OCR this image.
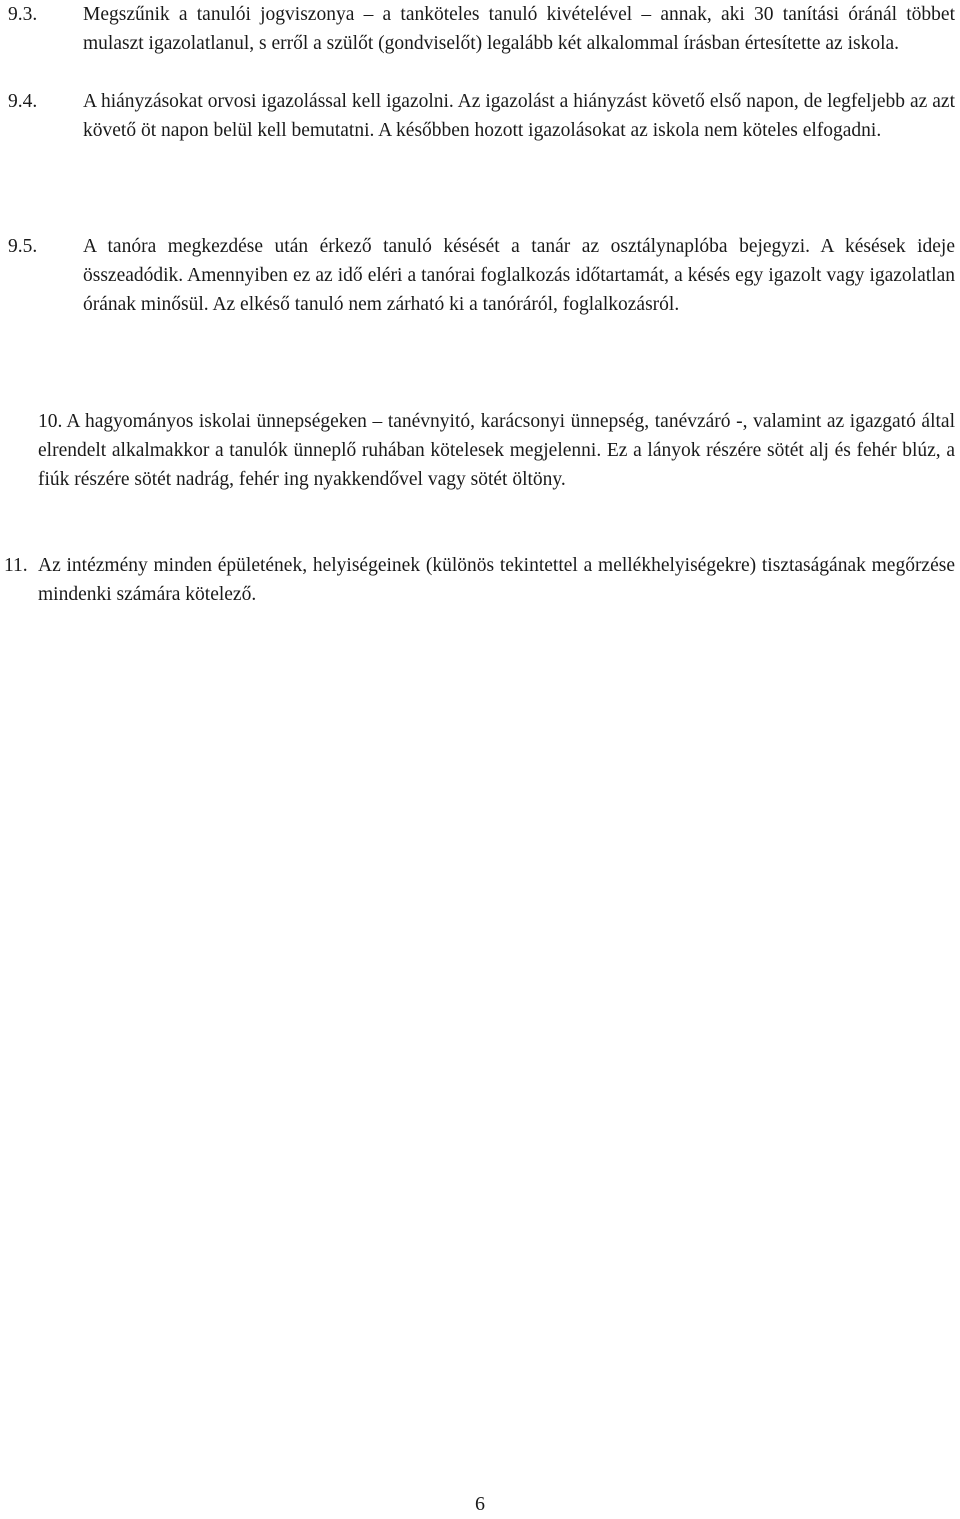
9.3. Megszűnik a tanulói jogviszonya – a tanköteles tanuló kivételével – annak, aki 30 tanítási óránál többet mulaszt igazolatlanul, s erről a szülőt (gondviselőt) legalább két alkalommal írásban értesítette az iskola.
9.4. A hiányzásokat orvosi igazolással kell igazolni. Az igazolást a hiányzást követő első napon, de legfeljebb az azt követő öt napon belül kell bemutatni. A későbben hozott igazolásokat az iskola nem köteles elfogadni.
9.5. A tanóra megkezdése után érkező tanuló késését a tanár az osztálynaplóba bejegyzi. A késések ideje összeadódik. Amennyiben ez az idő eléri a tanórai foglalkozás időtartamát, a késés egy igazolt vagy igazolatlan órának minősül. Az elkéső tanuló nem zárható ki a tanóráról, foglalkozásról.
10. A hagyományos iskolai ünnepségeken – tanévnyitó, karácsonyi ünnepség, tanévzáró -, valamint az igazgató által elrendelt alkalmakkor a tanulók ünneplő ruhában kötelesek megjelenni. Ez a lányok részére sötét alj és fehér blúz, a fiúk részére sötét nadrág, fehér ing nyakkendővel vagy sötét öltöny.
11. Az intézmény minden épületének, helyiségeinek (különös tekintettel a mellékhelyiségekre) tisztaságának megőrzése mindenki számára kötelező.
6
